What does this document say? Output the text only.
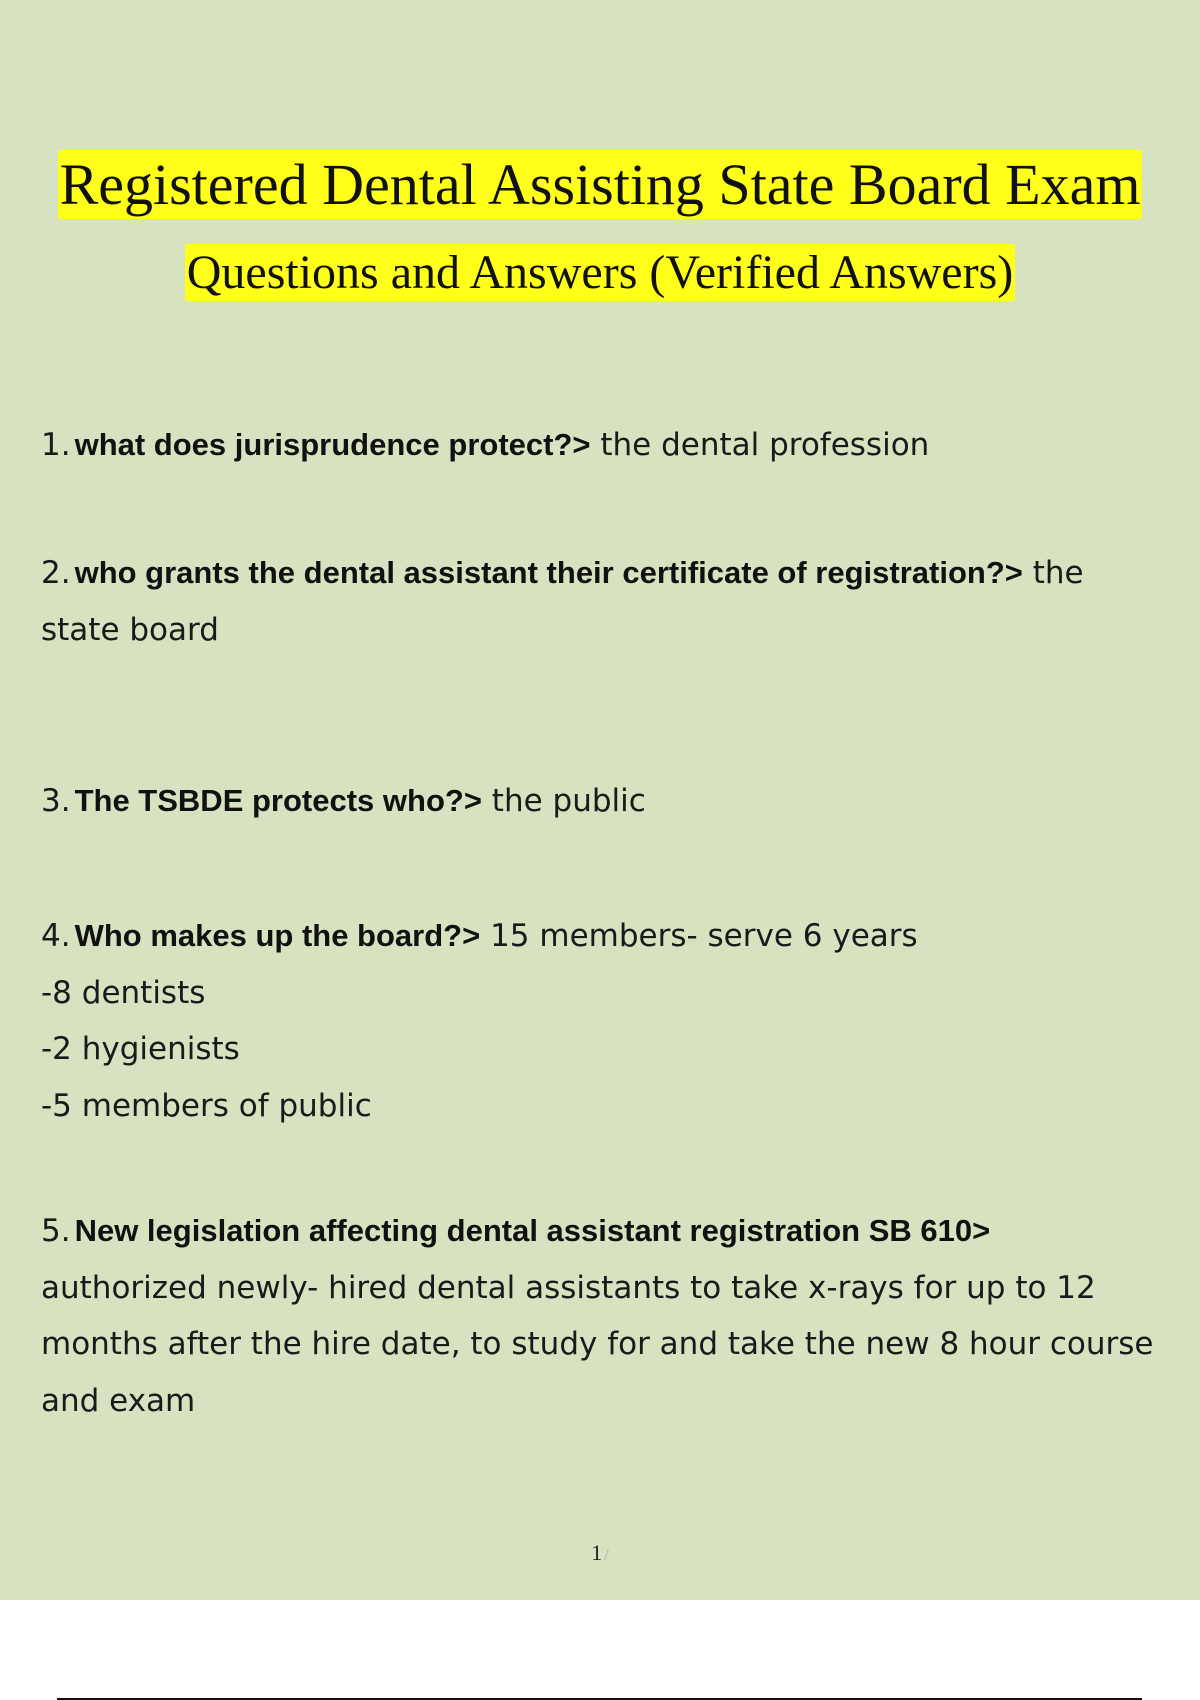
Registered Dental Assisting State Board Exam
Questions and Answers (Verified Answers)
1. what does jurisprudence protect?> the dental profession
2. who grants the dental assistant their certificate of registration?> the state board
3. The TSBDE protects who?> the public
4. Who makes up the board?> 15 members- serve 6 years
-8 dentists
-2 hygienists
-5 members of public
5. New legislation affecting dental assistant registration SB 610>
authorized newly- hired dental assistants to take x-rays for up to 12 months after the hire date, to study for and take the new 8 hour course and exam
1 /
